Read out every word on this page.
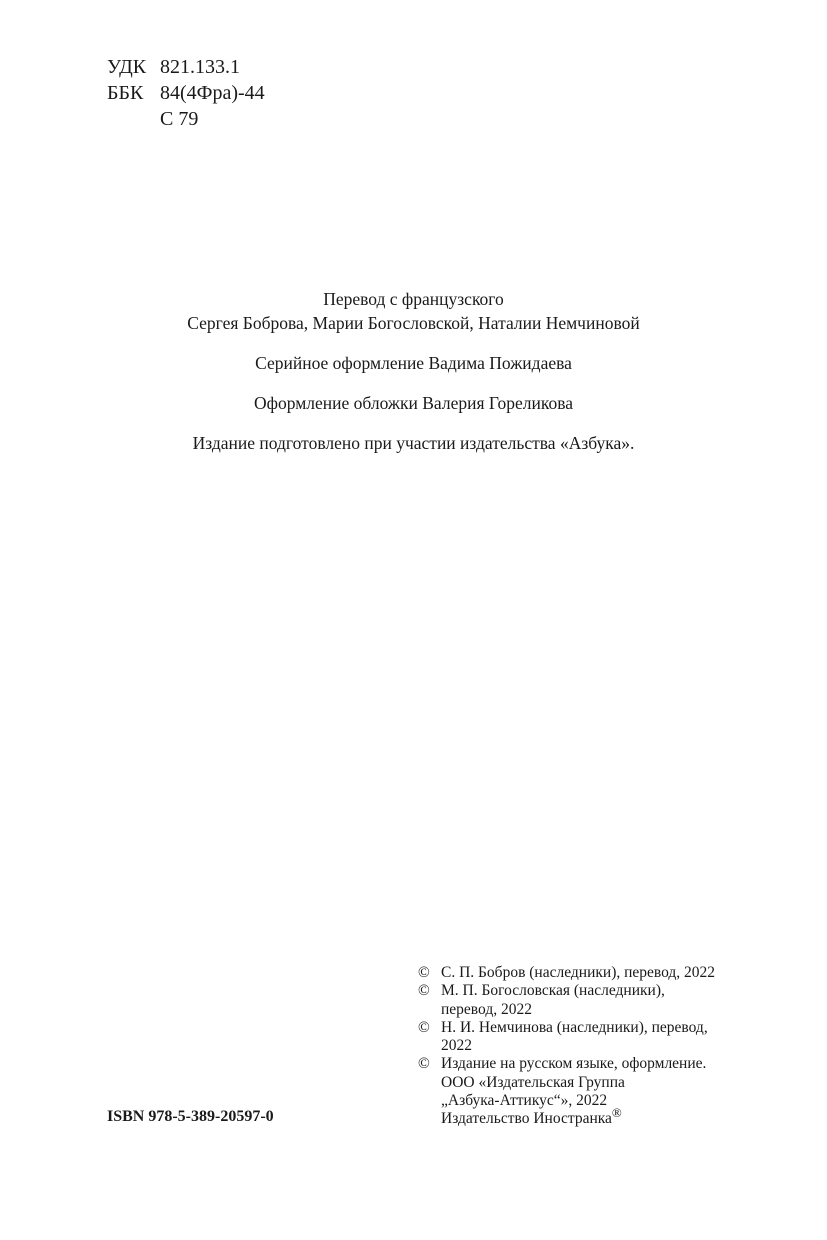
УДК 821.133.1
ББК 84(4Фра)-44
С 79
Перевод с французского
Сергея Боброва, Марии Богословской, Наталии Немчиновой
Серийное оформление Вадима Пожидаева
Оформление обложки Валерия Гореликова
Издание подготовлено при участии издательства «Азбука».
© С. П. Бобров (наследники), перевод, 2022
© М. П. Богословская (наследники),
перевод, 2022
© Н. И. Немчинова (наследники), перевод,
2022
© Издание на русском языке, оформление.
ООО «Издательская Группа
„Азбука-Аттикус“», 2022
Издательство Иностранка®
ISBN 978-5-389-20597-0
